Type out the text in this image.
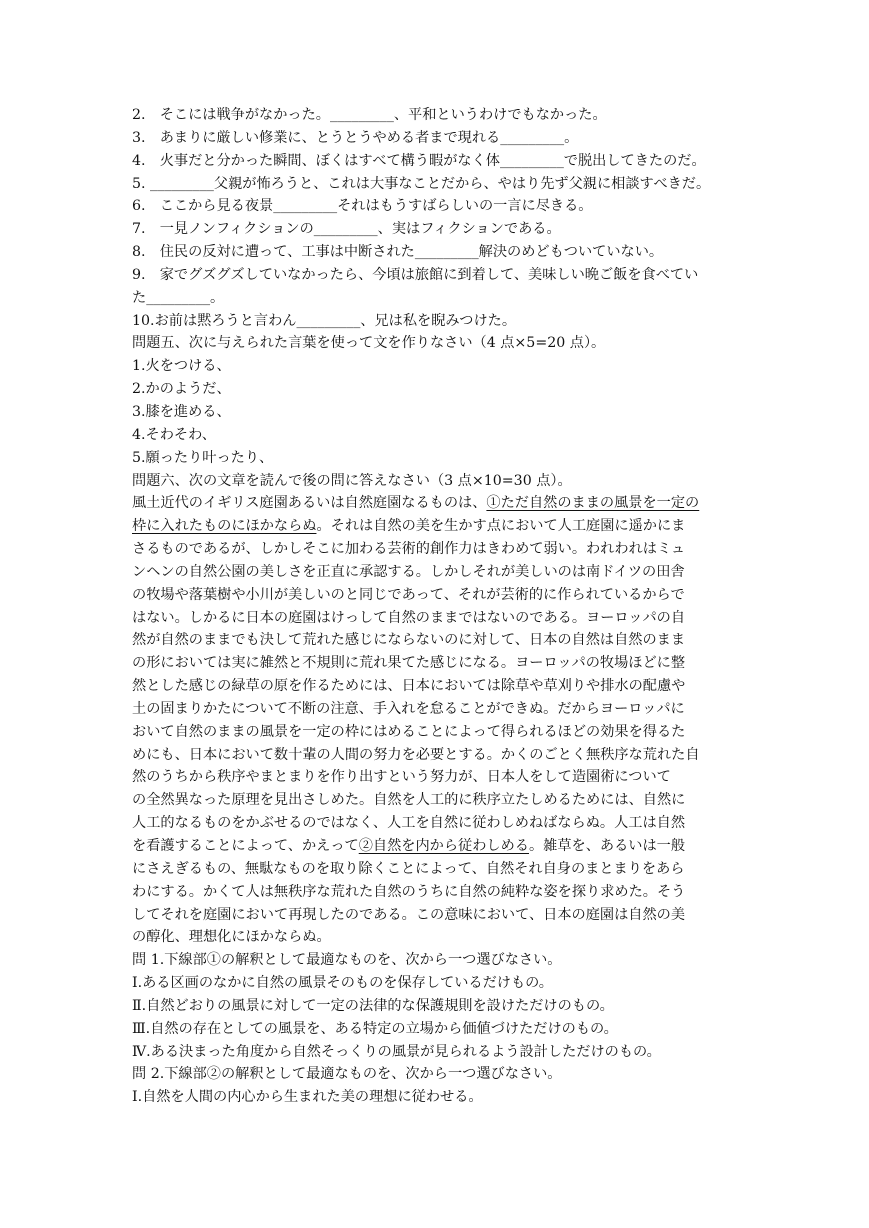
2.　そこには戦争がなかった。_________、平和というわけでもなかった。
3.　あまりに厳しい修業に、とうとうやめる者まで現れる_________。
4.　火事だと分かった瞬間、ぼくはすべて構う暇がなく体_________で脱出してきたのだ。
5. _________父親が怖ろうと、これは大事なことだから、やはり先ず父親に相談すべきだ。
6.　ここから見る夜景_________それはもうすばらしいの一言に尽きる。
7.　一見ノンフィクションの_________、実はフィクションである。
8.　住民の反対に遭って、工事は中断された_________解決のめどもついていない。
9.　家でグズグズしていなかったら、今頃は旅館に到着して、美味しい晩ご飯を食べてい
た_________。
10.お前は黙ろうと言わん_________、兄は私を睨みつけた。
問題五、次に与えられた言葉を使って文を作りなさい（4 点×5=20 点）。
1.火をつける、
2.かのようだ、
3.膝を進める、
4.そわそわ、
5.願ったり叶ったり、
問題六、次の文章を読んで後の問に答えなさい（3 点×10=30 点）。
風土近代のイギリス庭園あるいは自然庭園なるものは、①ただ自然のままの風景を一定の
枠に入れたものにほかならぬ。それは自然の美を生かす点において人工庭園に遥かにま
さるものであるが、しかしそこに加わる芸術的創作力はきわめて弱い。われわれはミュ
ンヘンの自然公園の美しさを正直に承認する。しかしそれが美しいのは南ドイツの田舎
の牧場や落葉樹や小川が美しいのと同じであって、それが芸術的に作られているからで
はない。しかるに日本の庭園はけっして自然のままではないのである。ヨーロッパの自
然が自然のままでも決して荒れた感じにならないのに対して、日本の自然は自然のまま
の形においては実に雑然と不規則に荒れ果てた感じになる。ヨーロッパの牧場ほどに整
然とした感じの緑草の原を作るためには、日本においては除草や草刈りや排水の配慮や
土の固まりかたについて不断の注意、手入れを怠ることができぬ。だからヨーロッパに
おいて自然のままの風景を一定の枠にはめることによって得られるほどの効果を得るた
めにも、日本において数十輩の人間の努力を必要とする。かくのごとく無秩序な荒れた自
然のうちから秩序やまとまりを作り出すという努力が、日本人をして造園術について
の全然異なった原理を見出さしめた。自然を人工的に秩序立たしめるためには、自然に
人工的なるものをかぶせるのではなく、人工を自然に従わしめねばならぬ。人工は自然
を看護することによって、かえって②自然を内から従わしめる。雑草を、あるいは一般
にさえぎるもの、無駄なものを取り除くことによって、自然それ自身のまとまりをあら
わにする。かくて人は無秩序な荒れた自然のうちに自然の純粋な姿を探り求めた。そう
してそれを庭園において再現したのである。この意味において、日本の庭園は自然の美
の醇化、理想化にほかならぬ。
問 1.下線部①の解釈として最適なものを、次から一つ選びなさい。
Ⅰ.ある区画のなかに自然の風景そのものを保存しているだけもの。
Ⅱ.自然どおりの風景に対して一定の法律的な保護規則を設けただけのもの。
Ⅲ.自然の存在としての風景を、ある特定の立場から価値づけただけのもの。
Ⅳ.ある決まった角度から自然そっくりの風景が見られるよう設計しただけのもの。
問 2.下線部②の解釈として最適なものを、次から一つ選びなさい。
Ⅰ.自然を人間の内心から生まれた美の理想に従わせる。
